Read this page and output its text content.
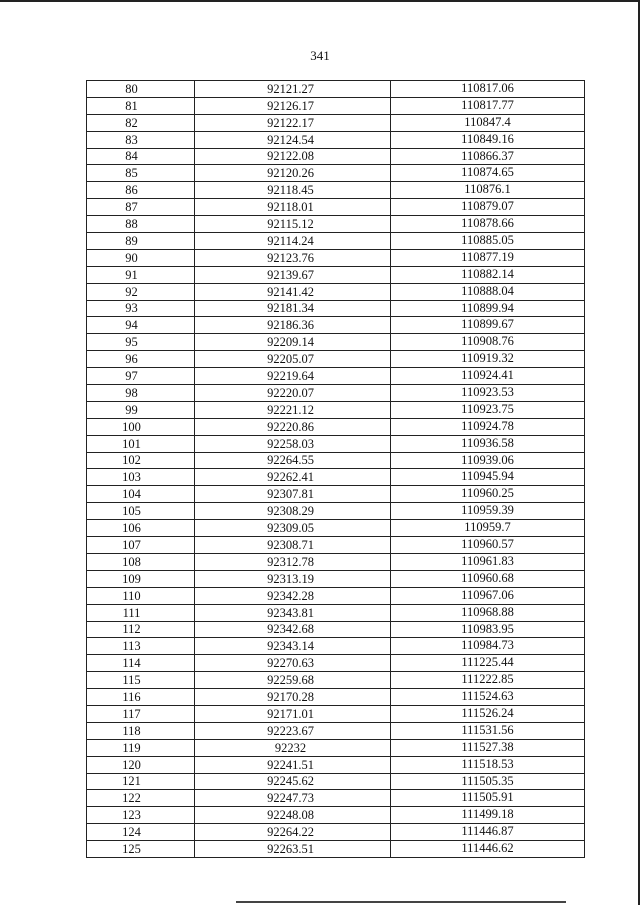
341
80	92121.27	110817.06
81	92126.17	110817.77
82	92122.17	110847.4
83	92124.54	110849.16
84	92122.08	110866.37
85	92120.26	110874.65
86	92118.45	110876.1
87	92118.01	110879.07
88	92115.12	110878.66
89	92114.24	110885.05
90	92123.76	110877.19
91	92139.67	110882.14
92	92141.42	110888.04
93	92181.34	110899.94
94	92186.36	110899.67
95	92209.14	110908.76
96	92205.07	110919.32
97	92219.64	110924.41
98	92220.07	110923.53
99	92221.12	110923.75
100	92220.86	110924.78
101	92258.03	110936.58
102	92264.55	110939.06
103	92262.41	110945.94
104	92307.81	110960.25
105	92308.29	110959.39
106	92309.05	110959.7
107	92308.71	110960.57
108	92312.78	110961.83
109	92313.19	110960.68
110	92342.28	110967.06
111	92343.81	110968.88
112	92342.68	110983.95
113	92343.14	110984.73
114	92270.63	111225.44
115	92259.68	111222.85
116	92170.28	111524.63
117	92171.01	111526.24
118	92223.67	111531.56
119	92232	111527.38
120	92241.51	111518.53
121	92245.62	111505.35
122	92247.73	111505.91
123	92248.08	111499.18
124	92264.22	111446.87
125	92263.51	111446.62
